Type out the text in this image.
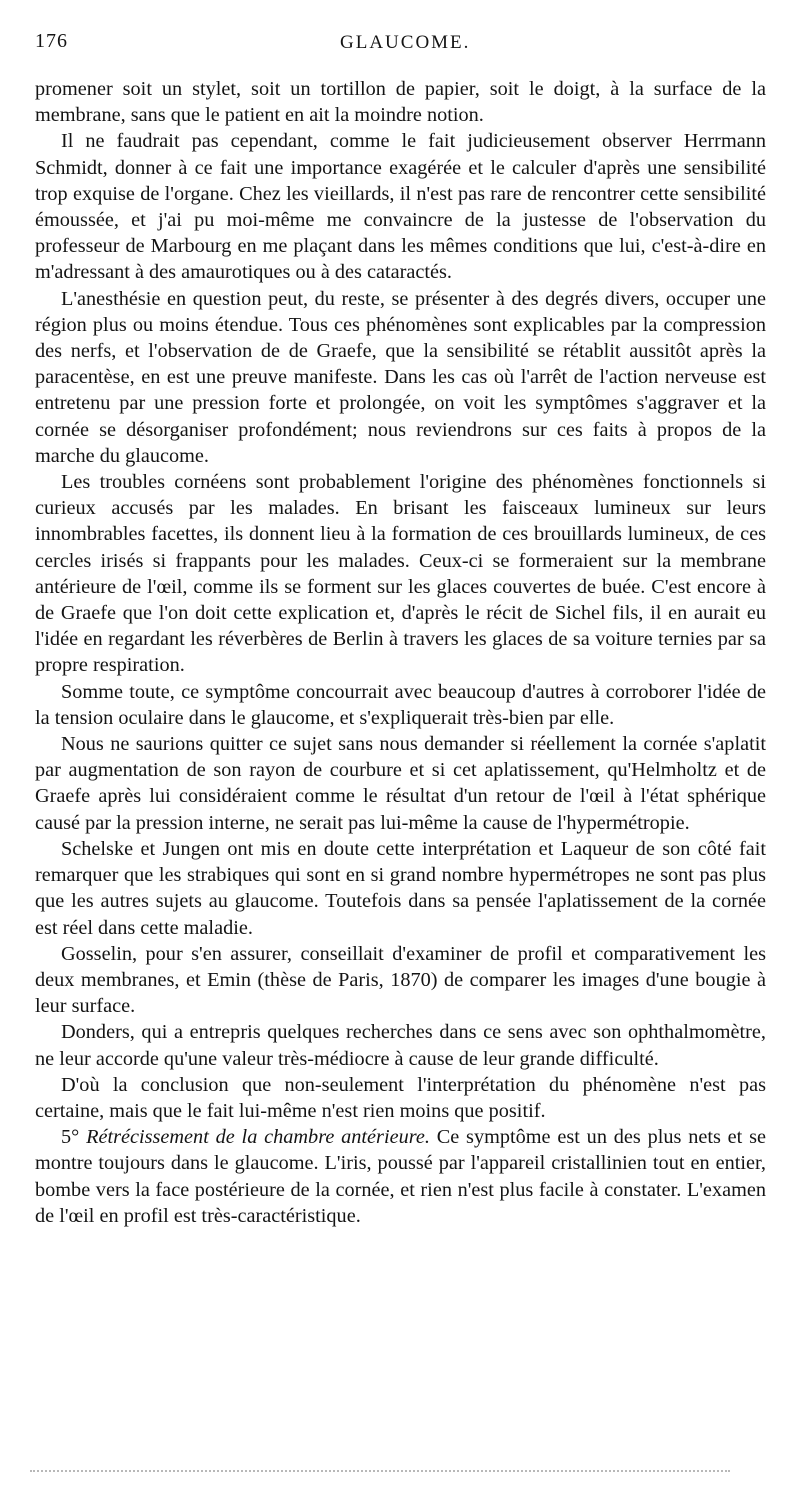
176	GLAUCOME.

promener soit un stylet, soit un tortillon de papier, soit le doigt, à la surface de la membrane, sans que le patient en ait la moindre notion.

Il ne faudrait pas cependant, comme le fait judicieusement observer Herrmann Schmidt, donner à ce fait une importance exagérée et le calculer d'après une sensibilité trop exquise de l'organe. Chez les vieillards, il n'est pas rare de rencontrer cette sensibilité émoussée, et j'ai pu moi-même me convaincre de la justesse de l'observation du professeur de Marbourg en me plaçant dans les mêmes conditions que lui, c'est-à-dire en m'adressant à des amaurotiques ou à des cataractés.

L'anesthésie en question peut, du reste, se présenter à des degrés divers, occuper une région plus ou moins étendue. Tous ces phénomènes sont explicables par la compression des nerfs, et l'observation de de Graefe, que la sensibilité se rétablit aussitôt après la paracentèse, en est une preuve manifeste. Dans les cas où l'arrêt de l'action nerveuse est entretenu par une pression forte et prolongée, on voit les symptômes s'aggraver et la cornée se désorganiser profondément; nous reviendrons sur ces faits à propos de la marche du glaucome.

Les troubles cornéens sont probablement l'origine des phénomènes fonctionnels si curieux accusés par les malades. En brisant les faisceaux lumineux sur leurs innombrables facettes, ils donnent lieu à la formation de ces brouillards lumineux, de ces cercles irisés si frappants pour les malades. Ceux-ci se formeraient sur la membrane antérieure de l'œil, comme ils se forment sur les glaces couvertes de buée. C'est encore à de Graefe que l'on doit cette explication et, d'après le récit de Sichel fils, il en aurait eu l'idée en regardant les réverbères de Berlin à travers les glaces de sa voiture ternies par sa propre respiration.

Somme toute, ce symptôme concourrait avec beaucoup d'autres à corroborer l'idée de la tension oculaire dans le glaucome, et s'expliquerait très-bien par elle.

Nous ne saurions quitter ce sujet sans nous demander si réellement la cornée s'aplatit par augmentation de son rayon de courbure et si cet aplatissement, qu'Helmholtz et de Graefe après lui considéraient comme le résultat d'un retour de l'œil à l'état sphérique causé par la pression interne, ne serait pas lui-même la cause de l'hypermétropie.

Schelske et Jungen ont mis en doute cette interprétation et Laqueur de son côté fait remarquer que les strabiques qui sont en si grand nombre hypermétropes ne sont pas plus que les autres sujets au glaucome. Toutefois dans sa pensée l'aplatissement de la cornée est réel dans cette maladie.

Gosselin, pour s'en assurer, conseillait d'examiner de profil et comparativement les deux membranes, et Emin (thèse de Paris, 1870) de comparer les images d'une bougie à leur surface.

Donders, qui a entrepris quelques recherches dans ce sens avec son ophthalmomètre, ne leur accorde qu'une valeur très-médiocre à cause de leur grande difficulté.

D'où la conclusion que non-seulement l'interprétation du phénomène n'est pas certaine, mais que le fait lui-même n'est rien moins que positif.

5° Rétrécissement de la chambre antérieure. Ce symptôme est un des plus nets et se montre toujours dans le glaucome. L'iris, poussé par l'appareil cristallinien tout en entier, bombe vers la face postérieure de la cornée, et rien n'est plus facile à constater. L'examen de l'œil en profil est très-caractéristique.
